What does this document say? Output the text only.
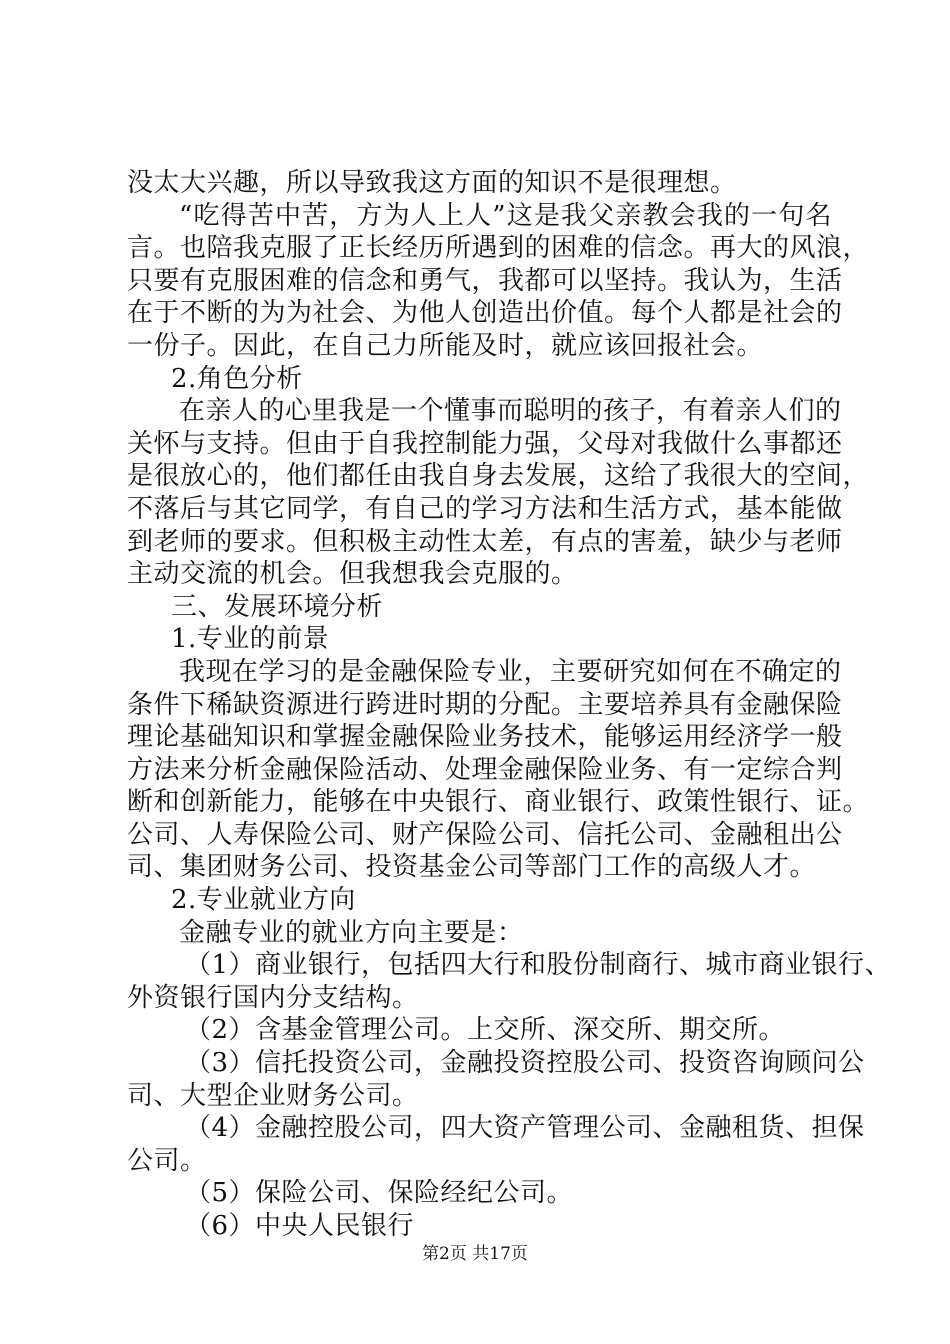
没太大兴趣，所以导致我这方面的知识不是很理想。
“吃得苦中苦，方为人上人”这是我父亲教会我的一句名
言。也陪我克服了正长经历所遇到的困难的信念。再大的风浪，
只要有克服困难的信念和勇气，我都可以坚持。我认为，生活
在于不断的为为社会、为他人创造出价值。每个人都是社会的
一份子。因此，在自己力所能及时，就应该回报社会。
2.角色分析
在亲人的心里我是一个懂事而聪明的孩子，有着亲人们的
关怀与支持。但由于自我控制能力强，父母对我做什么事都还
是很放心的，他们都任由我自身去发展，这给了我很大的空间，
不落后与其它同学，有自己的学习方法和生活方式，基本能做
到老师的要求。但积极主动性太差，有点的害羞，缺少与老师
主动交流的机会。但我想我会克服的。
三、发展环境分析
1.专业的前景
我现在学习的是金融保险专业，主要研究如何在不确定的
条件下稀缺资源进行跨进时期的分配。主要培养具有金融保险
理论基础知识和掌握金融保险业务技术，能够运用经济学一般
方法来分析金融保险活动、处理金融保险业务、有一定综合判
断和创新能力，能够在中央银行、商业银行、政策性银行、证。
公司、人寿保险公司、财产保险公司、信托公司、金融租出公
司、集团财务公司、投资基金公司等部门工作的高级人才。
2.专业就业方向
金融专业的就业方向主要是：
（1）商业银行，包括四大行和股份制商行、城市商业银行、
外资银行国内分支结构。
（2）含基金管理公司。上交所、深交所、期交所。
（3）信托投资公司，金融投资控股公司、投资咨询顾问公
司、大型企业财务公司。
（4）金融控股公司，四大资产管理公司、金融租货、担保
公司。
（5）保险公司、保险经纪公司。
（6）中央人民银行
第2页 共17页
